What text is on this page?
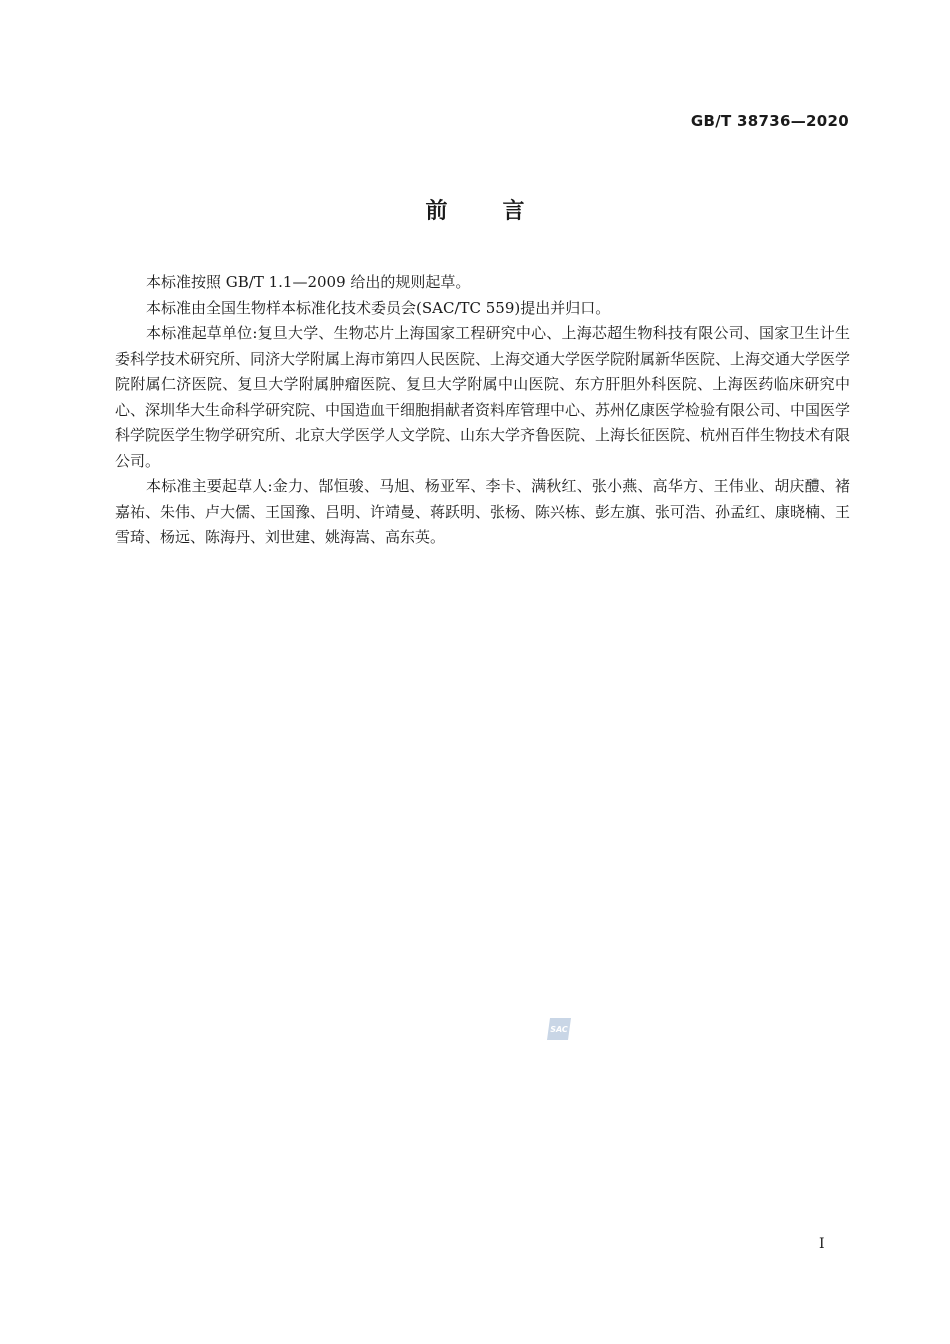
GB/T 38736—2020
前言

本标准按照 GB/T 1.1—2009 给出的规则起草。

本标准由全国生物样本标准化技术委员会(SAC/TC 559)提出并归口。

本标准起草单位:复旦大学、生物芯片上海国家工程研究中心、上海芯超生物科技有限公司、国家卫生计生委科学技术研究所、同济大学附属上海市第四人民医院、上海交通大学医学院附属新华医院、上海交通大学医学院附属仁济医院、复旦大学附属肿瘤医院、复旦大学附属中山医院、东方肝胆外科医院、上海医药临床研究中心、深圳华大生命科学研究院、中国造血干细胞捐献者资料库管理中心、苏州亿康医学检验有限公司、中国医学科学院医学生物学研究所、北京大学医学人文学院、山东大学齐鲁医院、上海长征医院、杭州百伴生物技术有限公司。

本标准主要起草人:金力、郜恒骏、马旭、杨亚军、李卡、满秋红、张小燕、高华方、王伟业、胡庆醴、褚嘉祐、朱伟、卢大儒、王国豫、吕明、许靖曼、蒋跃明、张杨、陈兴栋、彭左旗、张可浩、孙孟红、康晓楠、王雪琦、杨远、陈海丹、刘世建、姚海嵩、高东英。

SAC
I
